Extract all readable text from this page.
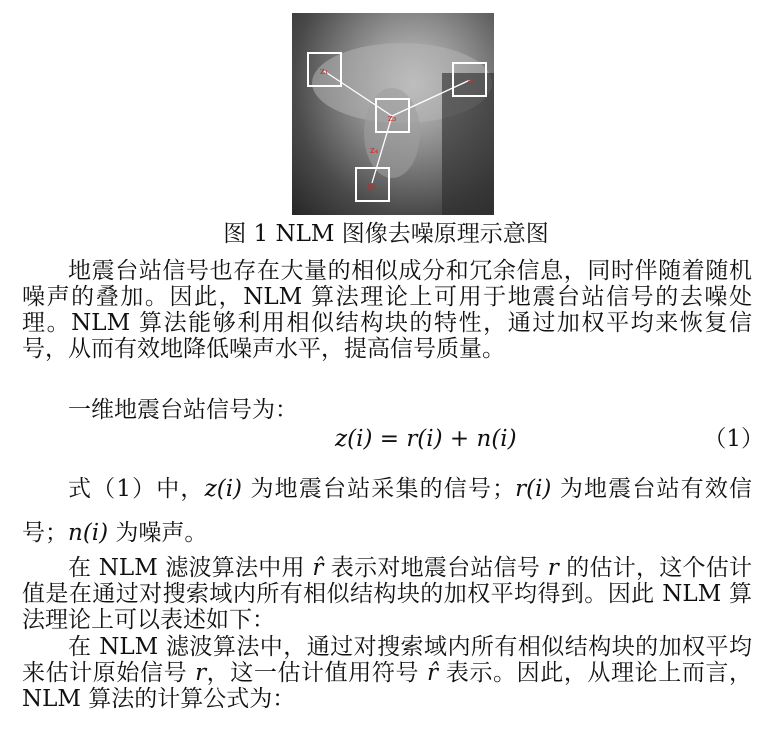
z₁
z₂
z₃
z₄
z₅
图 1 NLM 图像去噪原理示意图

地震台站信号也存在大量的相似成分和冗余信息，同时伴随着随机噪声的叠加。因此，NLM 算法理论上可用于地震台站信号的去噪处理。NLM 算法能够利用相似结构块的特性，通过加权平均来恢复信号，从而有效地降低噪声水平，提高信号质量。

一维地震台站信号为：

z(i) = r(i) + n(i)	（1）

式（1）中，z(i) 为地震台站采集的信号；r(i) 为地震台站有效信号；n(i) 为噪声。

在 NLM 滤波算法中用 r̂ 表示对地震台站信号 r 的估计，这个估计值是在通过对搜索域内所有相似结构块的加权平均得到。因此 NLM 算法理论上可以表述如下：

在 NLM 滤波算法中，通过对搜索域内所有相似结构块的加权平均来估计原始信号 r，这一估计值用符号 r̂ 表示。因此，从理论上而言，NLM 算法的计算公式为：
